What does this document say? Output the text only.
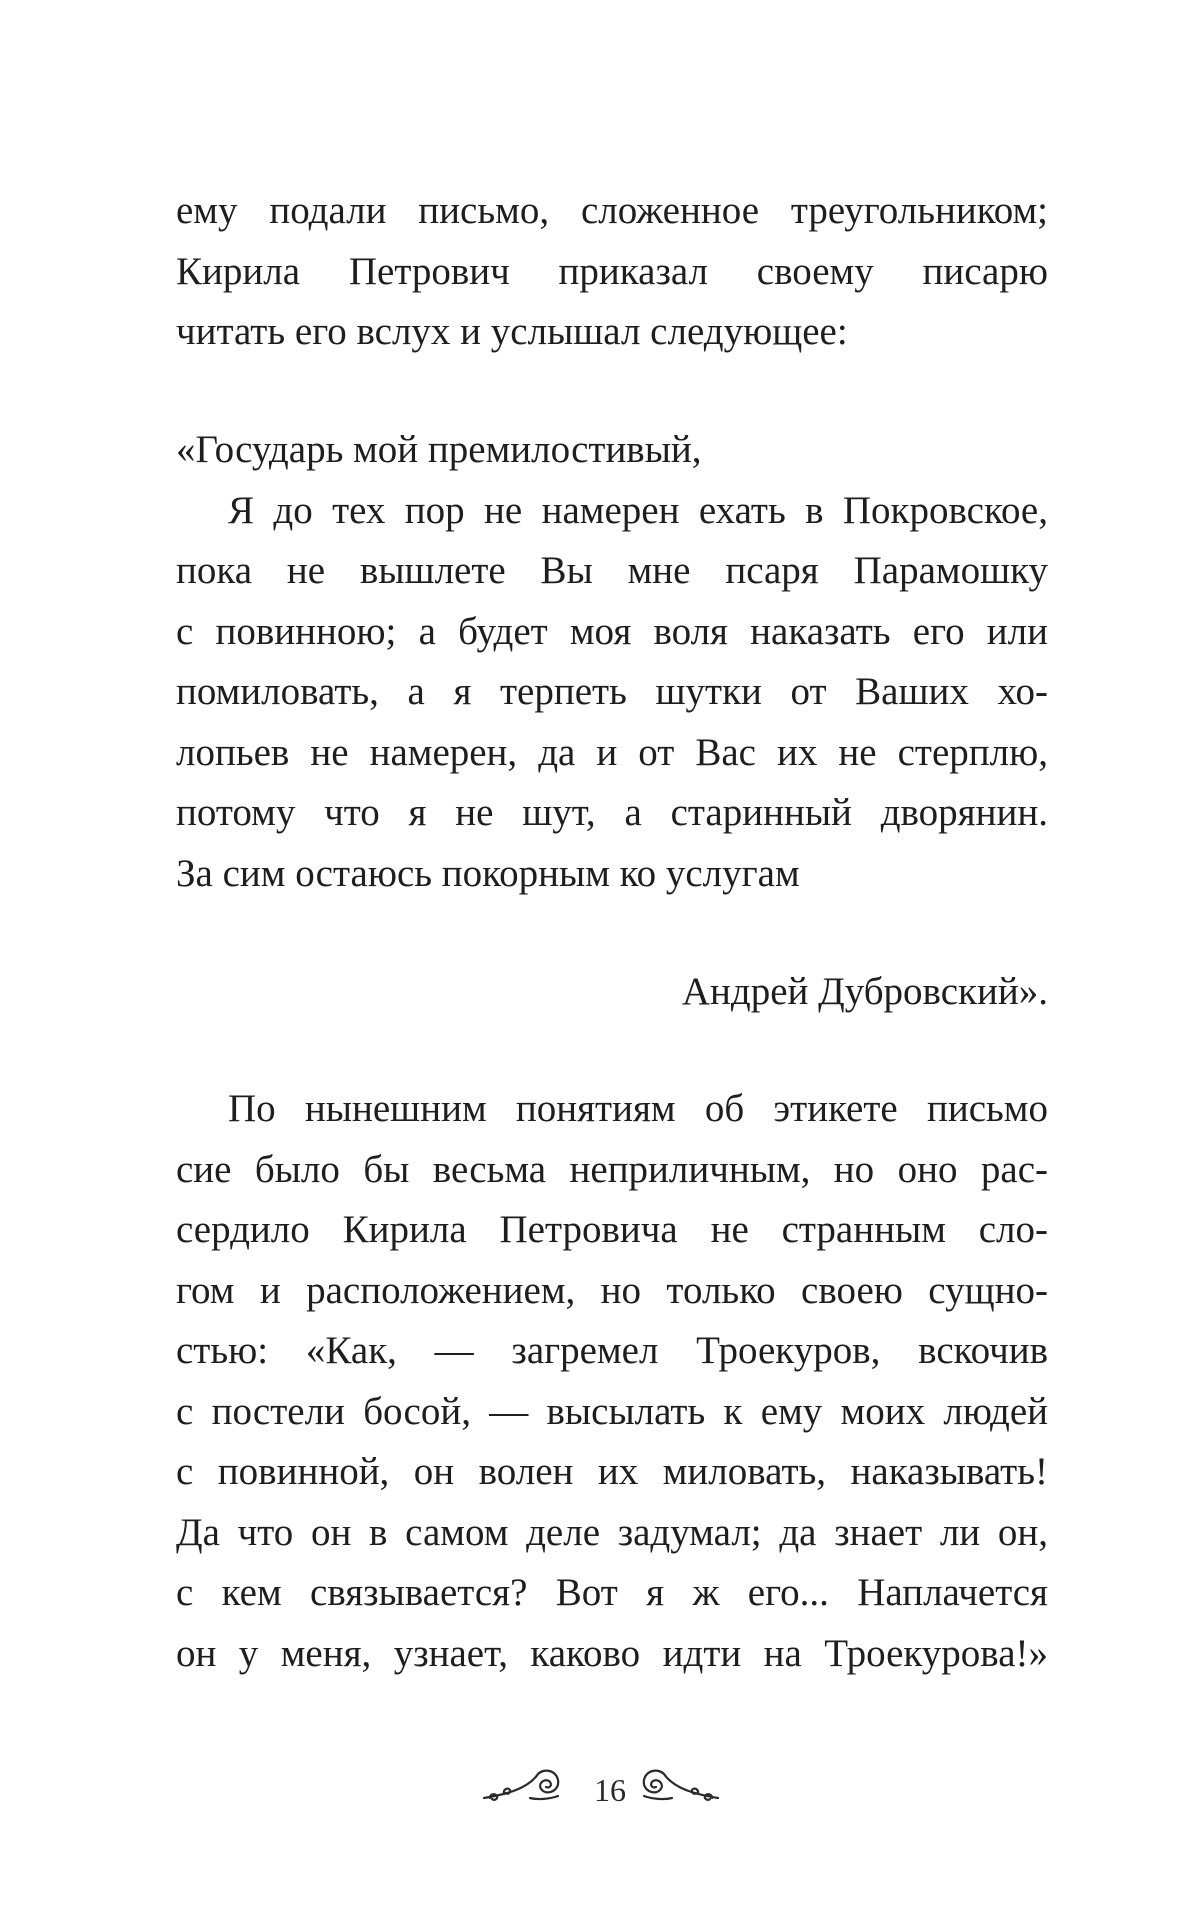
ему подали письмо, сложенное треугольником;
Кирила Петрович приказал своему писарю
читать его вслух и услышал следующее:
«Государь мой премилостивый,
Я до тех пор не намерен ехать в Покровское,
пока не вышлете Вы мне псаря Парамошку
с повинною; а будет моя воля наказать его или
помиловать, а я терпеть шутки от Ваших хо-
лопьев не намерен, да и от Вас их не стерплю,
потому что я не шут, а старинный дворянин.
За сим остаюсь покорным ко услугам
Андрей Дубровский».
По нынешним понятиям об этикете письмо
сие было бы весьма неприличным, но оно рас-
сердило Кирила Петровича не странным сло-
гом и расположением, но только своею сущно-
стью: «Как, — загремел Троекуров, вскочив
с постели босой, — высылать к ему моих людей
с повинной, он волен их миловать, наказывать!
Да что он в самом деле задумал; да знает ли он,
с кем связывается? Вот я ж его... Наплачется
он у меня, узнает, каково идти на Троекурова!»
16
